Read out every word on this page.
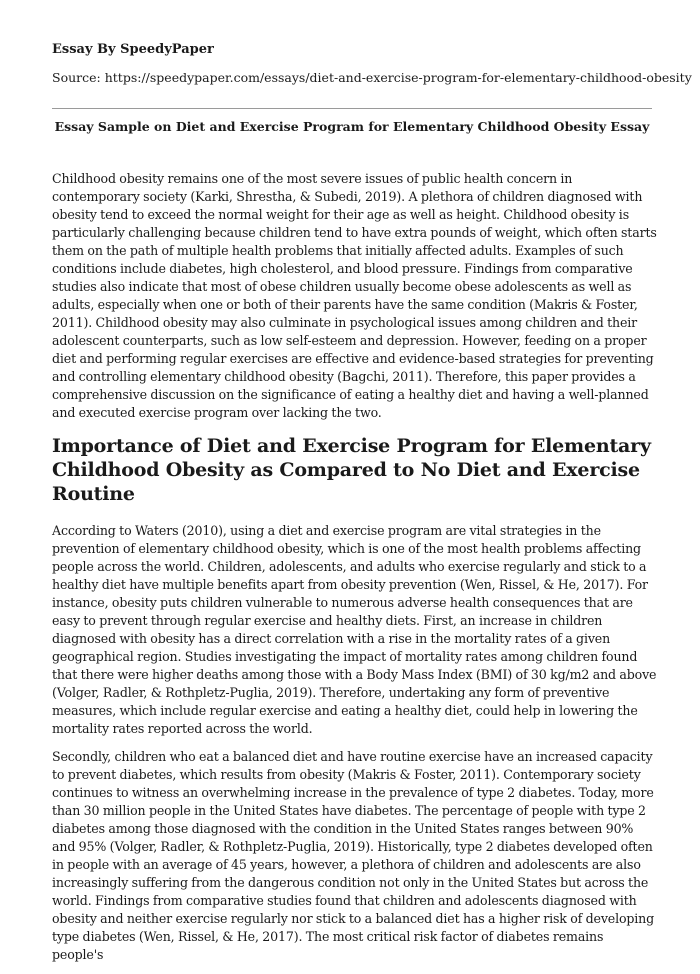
Essay By SpeedyPaper

Source: https://speedypaper.com/essays/diet-and-exercise-program-for-elementary-childhood-obesity

Essay Sample on Diet and Exercise Program for Elementary Childhood Obesity Essay

Childhood obesity remains one of the most severe issues of public health concern in contemporary society (Karki, Shrestha, & Subedi, 2019). A plethora of children diagnosed with obesity tend to exceed the normal weight for their age as well as height. Childhood obesity is particularly challenging because children tend to have extra pounds of weight, which often starts them on the path of multiple health problems that initially affected adults. Examples of such conditions include diabetes, high cholesterol, and blood pressure. Findings from comparative studies also indicate that most of obese children usually become obese adolescents as well as adults, especially when one or both of their parents have the same condition (Makris & Foster, 2011). Childhood obesity may also culminate in psychological issues among children and their adolescent counterparts, such as low self-esteem and depression. However, feeding on a proper diet and performing regular exercises are effective and evidence-based strategies for preventing and controlling elementary childhood obesity (Bagchi, 2011). Therefore, this paper provides a comprehensive discussion on the significance of eating a healthy diet and having a well-planned and executed exercise program over lacking the two.

Importance of Diet and Exercise Program for Elementary Childhood Obesity as Compared to No Diet and Exercise Routine

According to Waters (2010), using a diet and exercise program are vital strategies in the prevention of elementary childhood obesity, which is one of the most health problems affecting people across the world. Children, adolescents, and adults who exercise regularly and stick to a healthy diet have multiple benefits apart from obesity prevention (Wen, Rissel, & He, 2017). For instance, obesity puts children vulnerable to numerous adverse health consequences that are easy to prevent through regular exercise and healthy diets. First, an increase in children diagnosed with obesity has a direct correlation with a rise in the mortality rates of a given geographical region. Studies investigating the impact of mortality rates among children found that there were higher deaths among those with a Body Mass Index (BMI) of 30 kg/m2 and above (Volger, Radler, & Rothpletz-Puglia, 2019). Therefore, undertaking any form of preventive measures, which include regular exercise and eating a healthy diet, could help in lowering the mortality rates reported across the world.

Secondly, children who eat a balanced diet and have routine exercise have an increased capacity to prevent diabetes, which results from obesity (Makris & Foster, 2011). Contemporary society continues to witness an overwhelming increase in the prevalence of type 2 diabetes. Today, more than 30 million people in the United States have diabetes. The percentage of people with type 2 diabetes among those diagnosed with the condition in the United States ranges between 90% and 95% (Volger, Radler, & Rothpletz-Puglia, 2019). Historically, type 2 diabetes developed often in people with an average of 45 years, however, a plethora of children and adolescents are also increasingly suffering from the dangerous condition not only in the United States but across the world. Findings from comparative studies found that children and adolescents diagnosed with obesity and neither exercise regularly nor stick to a balanced diet has a higher risk of developing type diabetes (Wen, Rissel, & He, 2017). The most critical risk factor of diabetes remains people's
